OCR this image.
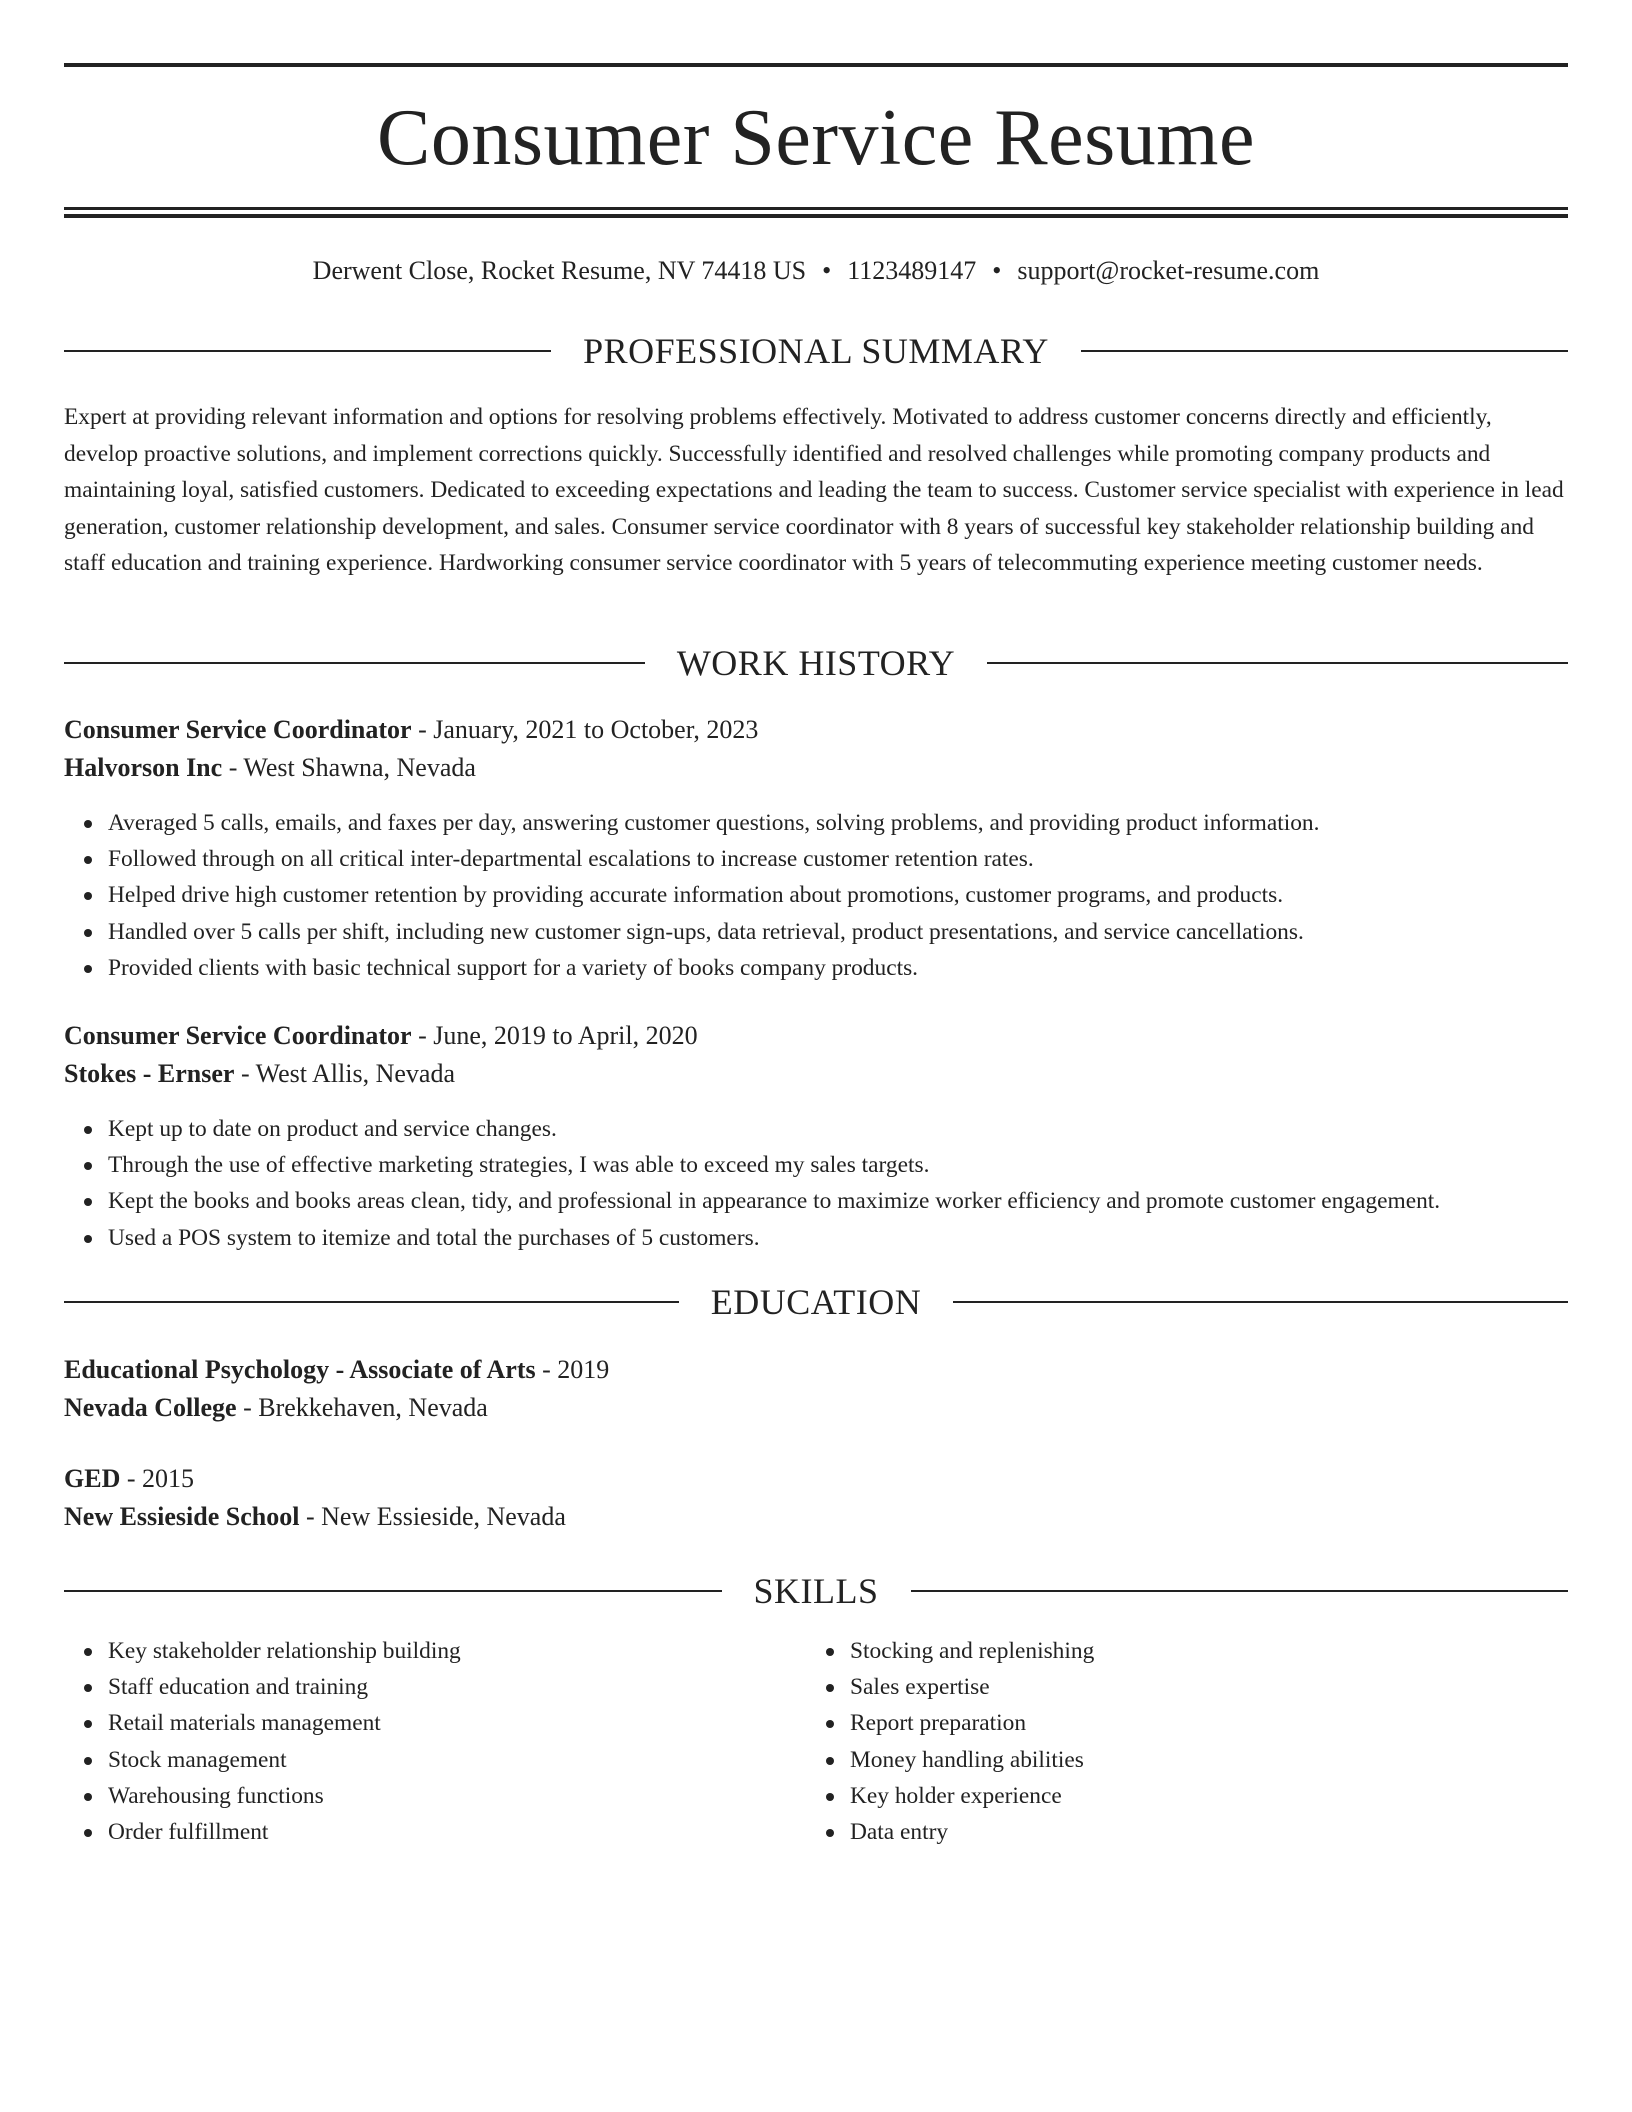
Consumer Service Resume
Derwent Close, Rocket Resume, NV 74418 US • 1123489147 • support@rocket-resume.com
PROFESSIONAL SUMMARY
Expert at providing relevant information and options for resolving problems effectively. Motivated to address customer concerns directly and efficiently, develop proactive solutions, and implement corrections quickly. Successfully identified and resolved challenges while promoting company products and maintaining loyal, satisfied customers. Dedicated to exceeding expectations and leading the team to success. Customer service specialist with experience in lead generation, customer relationship development, and sales. Consumer service coordinator with 8 years of successful key stakeholder relationship building and staff education and training experience. Hardworking consumer service coordinator with 5 years of telecommuting experience meeting customer needs.
WORK HISTORY
Consumer Service Coordinator - January, 2021 to October, 2023
Halvorson Inc - West Shawna, Nevada
Averaged 5 calls, emails, and faxes per day, answering customer questions, solving problems, and providing product information.
Followed through on all critical inter-departmental escalations to increase customer retention rates.
Helped drive high customer retention by providing accurate information about promotions, customer programs, and products.
Handled over 5 calls per shift, including new customer sign-ups, data retrieval, product presentations, and service cancellations.
Provided clients with basic technical support for a variety of books company products.
Consumer Service Coordinator - June, 2019 to April, 2020
Stokes - Ernser - West Allis, Nevada
Kept up to date on product and service changes.
Through the use of effective marketing strategies, I was able to exceed my sales targets.
Kept the books and books areas clean, tidy, and professional in appearance to maximize worker efficiency and promote customer engagement.
Used a POS system to itemize and total the purchases of 5 customers.
EDUCATION
Educational Psychology - Associate of Arts - 2019
Nevada College - Brekkehaven, Nevada
GED - 2015
New Essieside School - New Essieside, Nevada
SKILLS
Key stakeholder relationship building
Staff education and training
Retail materials management
Stock management
Warehousing functions
Order fulfillment
Stocking and replenishing
Sales expertise
Report preparation
Money handling abilities
Key holder experience
Data entry
